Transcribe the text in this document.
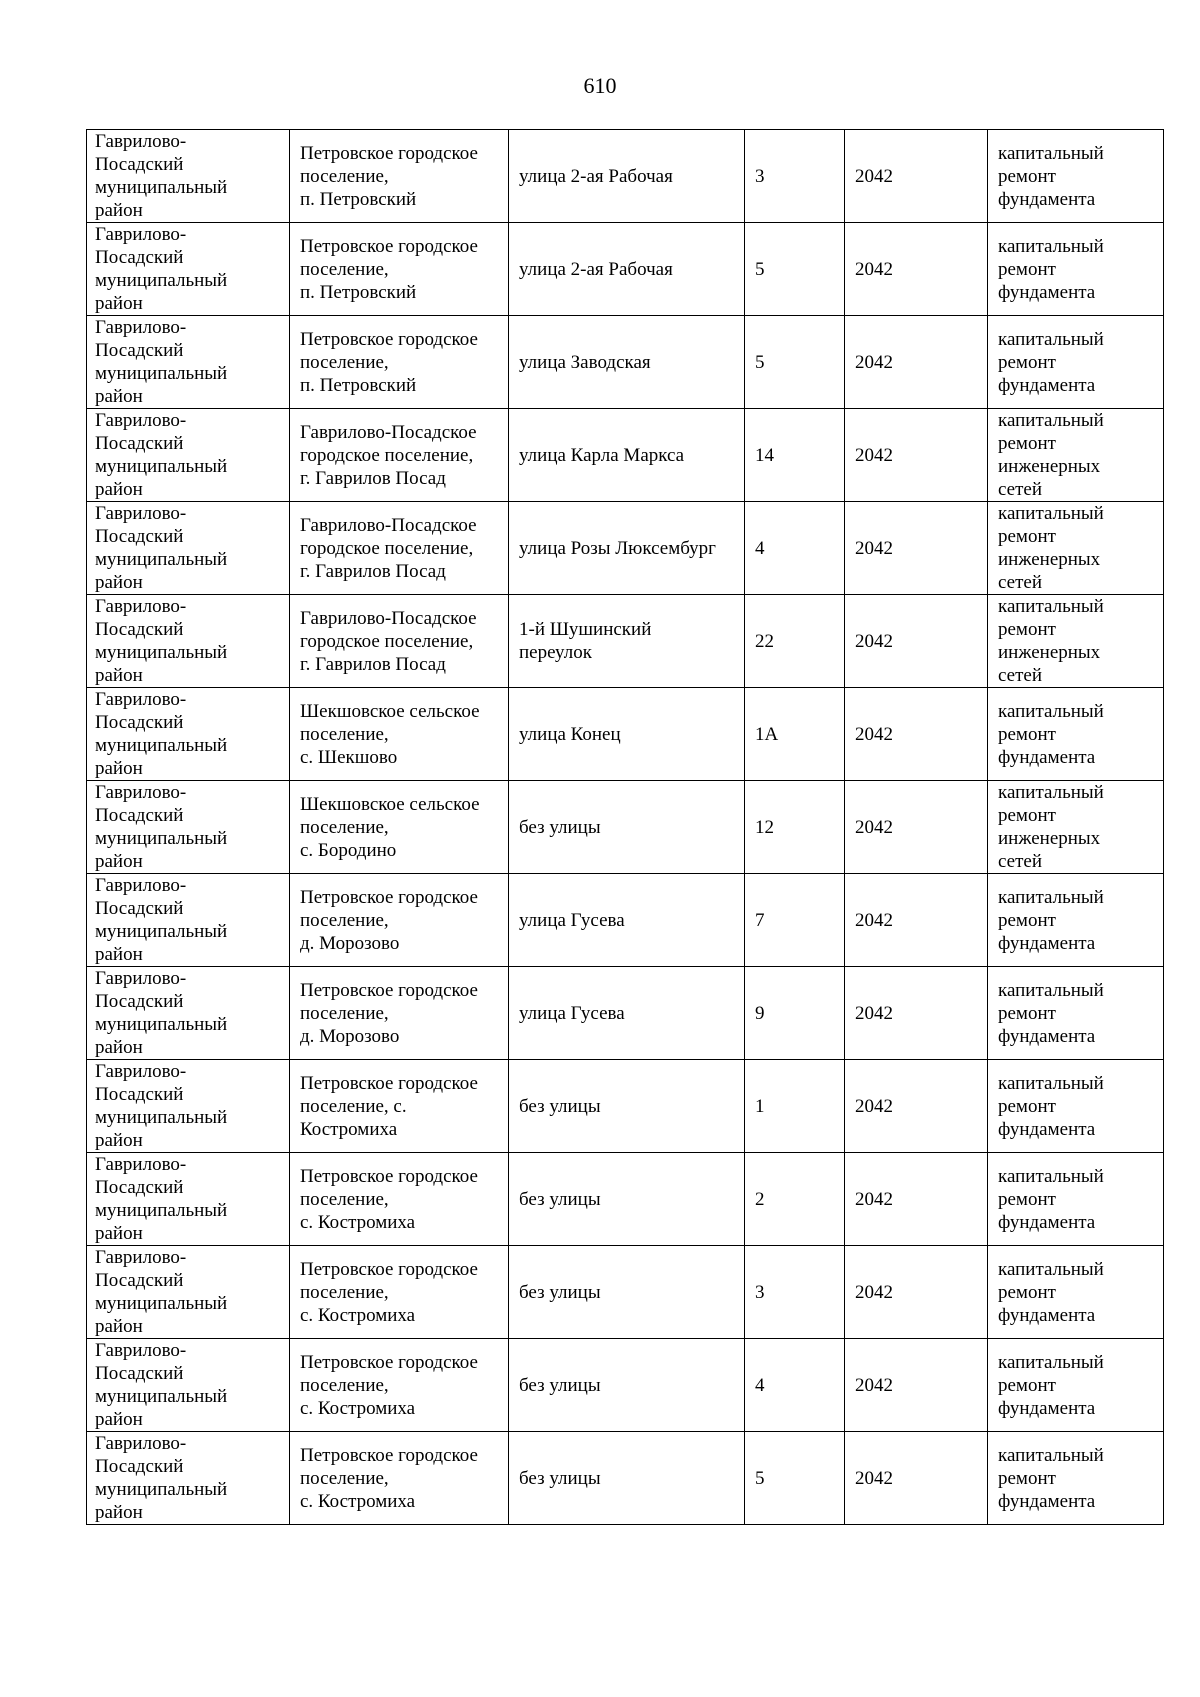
610
Гаврилово-
Посадский
муниципальный
район	Петровское городское
поселение,
п. Петровский	улица 2-ая Рабочая	3	2042	капитальный
ремонт
фундамента

Гаврилово-
Посадский
муниципальный
район	Петровское городское
поселение,
п. Петровский	улица 2-ая Рабочая	5	2042	капитальный
ремонт
фундамента

Гаврилово-
Посадский
муниципальный
район	Петровское городское
поселение,
п. Петровский	улица Заводская	5	2042	капитальный
ремонт
фундамента

Гаврилово-
Посадский
муниципальный
район	Гаврилово-Посадское
городское поселение,
г. Гаврилов Посад	улица Карла Маркса	14	2042	капитальный
ремонт
инженерных
сетей

Гаврилово-
Посадский
муниципальный
район	Гаврилово-Посадское
городское поселение,
г. Гаврилов Посад	улица Розы Люксембург	4	2042	капитальный
ремонт
инженерных
сетей

Гаврилово-
Посадский
муниципальный
район	Гаврилово-Посадское
городское поселение,
г. Гаврилов Посад	1-й Шушинский
переулок	22	2042	капитальный
ремонт
инженерных
сетей

Гаврилово-
Посадский
муниципальный
район	Шекшовское сельское
поселение,
с. Шекшово	улица Конец	1А	2042	капитальный
ремонт
фундамента

Гаврилово-
Посадский
муниципальный
район	Шекшовское сельское
поселение,
с. Бородино	без улицы	12	2042	капитальный
ремонт
инженерных
сетей

Гаврилово-
Посадский
муниципальный
район	Петровское городское
поселение,
д. Морозово	улица Гусева	7	2042	капитальный
ремонт
фундамента

Гаврилово-
Посадский
муниципальный
район	Петровское городское
поселение,
д. Морозово	улица Гусева	9	2042	капитальный
ремонт
фундамента

Гаврилово-
Посадский
муниципальный
район	Петровское городское
поселение, с.
Костромиха	без улицы	1	2042	капитальный
ремонт
фундамента

Гаврилово-
Посадский
муниципальный
район	Петровское городское
поселение,
с. Костромиха	без улицы	2	2042	капитальный
ремонт
фундамента

Гаврилово-
Посадский
муниципальный
район	Петровское городское
поселение,
с. Костромиха	без улицы	3	2042	капитальный
ремонт
фундамента

Гаврилово-
Посадский
муниципальный
район	Петровское городское
поселение,
с. Костромиха	без улицы	4	2042	капитальный
ремонт
фундамента

Гаврилово-
Посадский
муниципальный
район	Петровское городское
поселение,
с. Костромиха	без улицы	5	2042	капитальный
ремонт
фундамента
